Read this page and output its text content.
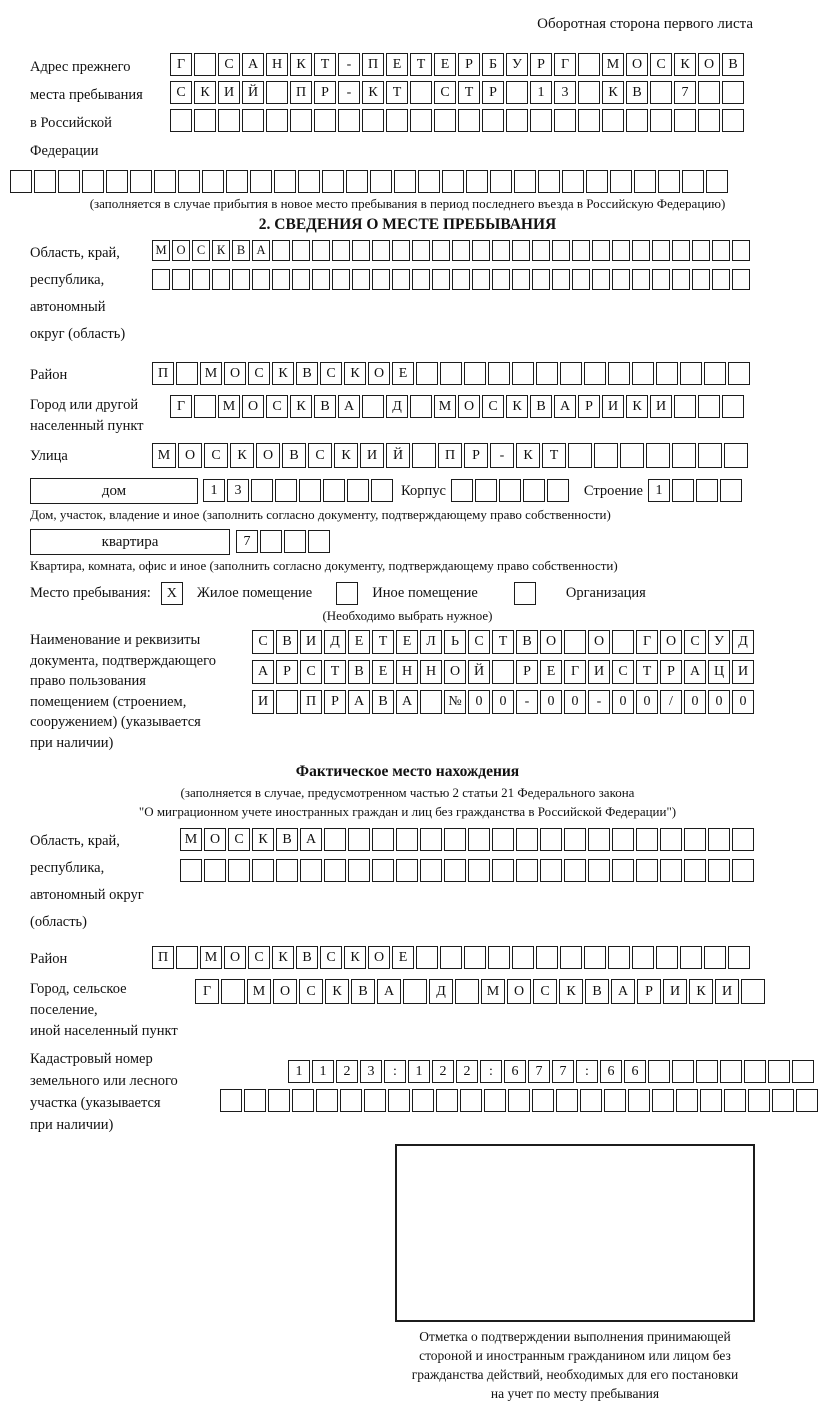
Оборотная сторона первого листа
Адрес прежнего
места пребывания
в Российской
Федерации
Г	С	А Н	К	Т	-	П	Е	Т	Е	Р	Б	У	Р	Г	М О	С	К	О	В
С	К	И Й	П	Р	-	К	Т	С	Т	Р	1	3	К	В	7
(заполняется в случае прибытия в новое место пребывания в период последнего въезда в Российскую Федерацию)
2. СВЕДЕНИЯ О МЕСТЕ ПРЕБЫВАНИЯ
Область, край,
республика,
автономный
округ (область)
М О С К В А
Район	П	М О	С	К	В	С	К	О	Е
Город или другой
населенный пункт
Г	М О	С	К	В	А	Д	М О	С	К	В	А	Р	И	К	И
Улица	М	О	С	К	О	В	С	К	И	Й	П	Р	-	К	Т
дом	1	3	Корпус	Строение 1
Дом, участок, владение и иное (заполнить согласно документу, подтверждающему право собственности)
квартира	7
Квартира, комната, офис и иное (заполнить согласно документу, подтверждающему право собственности)
Место пребывания:	X	Жилое помещение	Иное помещение	Организация
(Необходимо выбрать нужное)
Наименование и реквизиты
документа, подтверждающего
право пользования
помещением (строением,
сооружением) (указывается
при наличии)
С	В	И	Д	Е	Т	Е	Л	Ь	С	Т	В	О	О	Г	О	С	У	Д
А	Р	С	Т	В	Е	Н Н О Й	Р	Е	Г	И	С	Т	Р	А Ц И
И	П	Р	А	В	А	№ 0	0	-	0	0	-	0	0	/	0	0	0
Фактическое место нахождения
(заполняется в случае, предусмотренном частью 2 статьи 21 Федерального закона
"О миграционном учете иностранных граждан и лиц без гражданства в Российской Федерации")
Область, край,
республика,
автономный округ
(область)
М О	С	К	В	А
Район	П	М О	С	К	В	С	К	О	Е
Город, сельское поселение,
иной населенный пункт
Г	М	О	С	К	В	А	Д	М	О	С	К	В	А	Р	И	К	И
Кадастровый номер
земельного или лесного
участка (указывается
при наличии)
1	1	2	3	:	1	2	2	:	6	7	7	:	6	6
Отметка о подтверждении выполнения принимающей
стороной и иностранным гражданином или лицом без
гражданства действий, необходимых для его постановки
на учет по месту пребывания
